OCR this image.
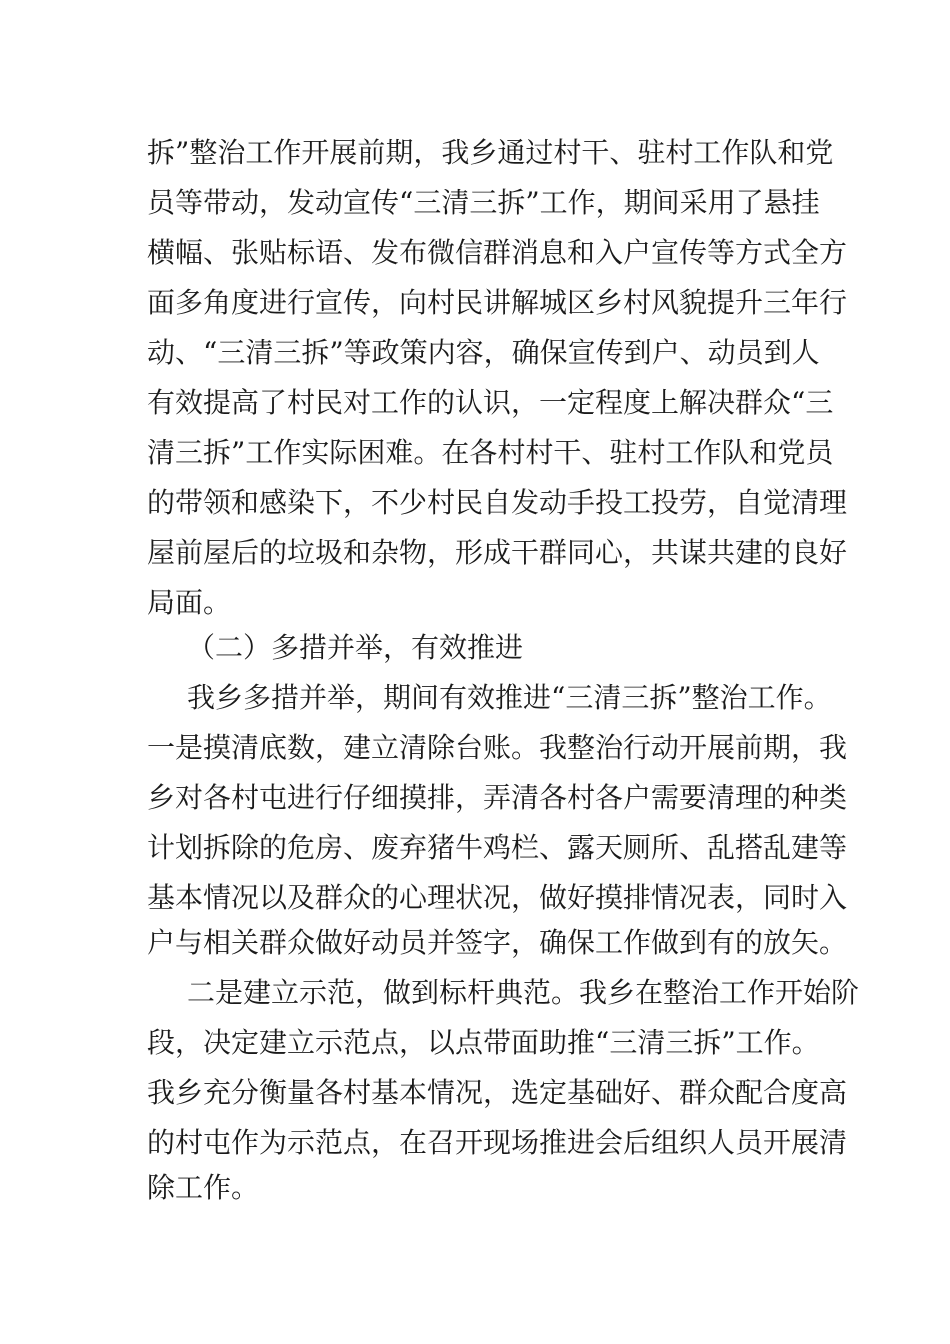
拆”整治工作开展前期，我乡通过村干、驻村工作队和党
员等带动，发动宣传“三清三拆”工作，期间采用了悬挂
横幅、张贴标语、发布微信群消息和入户宣传等方式全方
面多角度进行宣传，向村民讲解城区乡村风貌提升三年行
动、“三清三拆”等政策内容，确保宣传到户、动员到人
有效提高了村民对工作的认识，一定程度上解决群众“三
清三拆”工作实际困难。在各村村干、驻村工作队和党员
的带领和感染下，不少村民自发动手投工投劳，自觉清理
屋前屋后的垃圾和杂物，形成干群同心，共谋共建的良好
局面。
（二）多措并举，有效推进
我乡多措并举，期间有效推进“三清三拆”整治工作。
一是摸清底数，建立清除台账。我整治行动开展前期，我
乡对各村屯进行仔细摸排，弄清各村各户需要清理的种类
计划拆除的危房、废弃猪牛鸡栏、露天厕所、乱搭乱建等
基本情况以及群众的心理状况，做好摸排情况表，同时入
户与相关群众做好动员并签字，确保工作做到有的放矢。
二是建立示范，做到标杆典范。我乡在整治工作开始阶
段，决定建立示范点，以点带面助推“三清三拆”工作。
我乡充分衡量各村基本情况，选定基础好、群众配合度高
的村屯作为示范点，在召开现场推进会后组织人员开展清
除工作。
